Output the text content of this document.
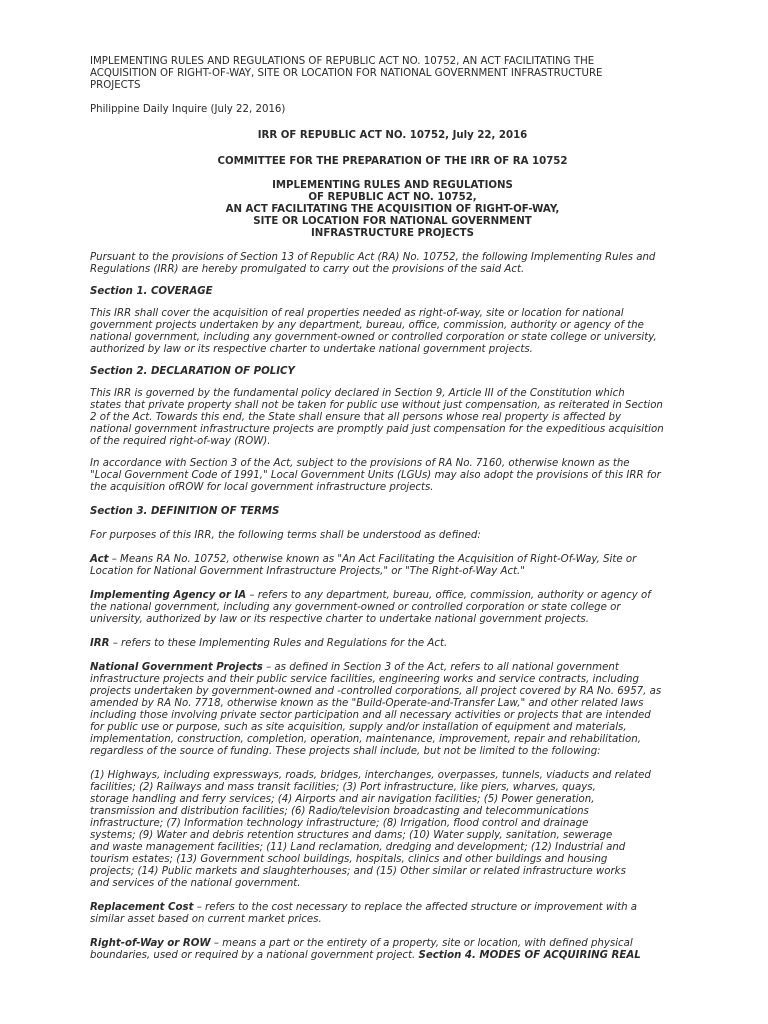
IMPLEMENTING RULES AND REGULATIONS OF REPUBLIC ACT NO. 10752, AN ACT FACILITATING THE
ACQUISITION OF RIGHT-OF-WAY, SITE OR LOCATION FOR NATIONAL GOVERNMENT INFRASTRUCTURE
PROJECTS

Philippine Daily Inquire (July 22, 2016)

IRR OF REPUBLIC ACT NO. 10752, July 22, 2016

COMMITTEE FOR THE PREPARATION OF THE IRR OF RA 10752

IMPLEMENTING RULES AND REGULATIONS
OF REPUBLIC ACT NO. 10752,
AN ACT FACILITATING THE ACQUISITION OF RIGHT-OF-WAY,
SITE OR LOCATION FOR NATIONAL GOVERNMENT
INFRASTRUCTURE PROJECTS

Pursuant to the provisions of Section 13 of Republic Act (RA) No. 10752, the following Implementing Rules and
Regulations (IRR) are hereby promulgated to carry out the provisions of the said Act.

Section 1. COVERAGE

This IRR shall cover the acquisition of real properties needed as right-of-way, site or location for national
government projects undertaken by any department, bureau, office, commission, authority or agency of the
national government, including any government-owned or controlled corporation or state college or university,
authorized by law or its respective charter to undertake national government projects.

Section 2. DECLARATION OF POLICY

This IRR is governed by the fundamental policy declared in Section 9, Article III of the Constitution which
states that private property shall not be taken for public use without just compensation, as reiterated in Section
2 of the Act. Towards this end, the State shall ensure that all persons whose real property is affected by
national government infrastructure projects are promptly paid just compensation for the expeditious acquisition
of the required right-of-way (ROW).

In accordance with Section 3 of the Act, subject to the provisions of RA No. 7160, otherwise known as the
"Local Government Code of 1991," Local Government Units (LGUs) may also adopt the provisions of this IRR for
the acquisition ofROW for local government infrastructure projects.

Section 3. DEFINITION OF TERMS

For purposes of this IRR, the following terms shall be understood as defined:

Act – Means RA No. 10752, otherwise known as "An Act Facilitating the Acquisition of Right-Of-Way, Site or
Location for National Government Infrastructure Projects," or "The Right-of-Way Act."

Implementing Agency or IA – refers to any department, bureau, office, commission, authority or agency of
the national government, including any government-owned or controlled corporation or state college or
university, authorized by law or its respective charter to undertake national government projects.

IRR – refers to these Implementing Rules and Regulations for the Act.

National Government Projects – as defined in Section 3 of the Act, refers to all national government
infrastructure projects and their public service facilities, engineering works and service contracts, including
projects undertaken by government-owned and -controlled corporations, all project covered by RA No. 6957, as
amended by RA No. 7718, otherwise known as the "Build-Operate-and-Transfer Law," and other related laws
including those involving private sector participation and all necessary activities or projects that are intended
for public use or purpose, such as site acquisition, supply and/or installation of equipment and materials,
implementation, construction, completion, operation, maintenance, improvement, repair and rehabilitation,
regardless of the source of funding. These projects shall include, but not be limited to the following:

(1) Highways, including expressways, roads, bridges, interchanges, overpasses, tunnels, viaducts and related
facilities; (2) Railways and mass transit facilities; (3) Port infrastructure, like piers, wharves, quays,
storage handling and ferry services; (4) Airports and air navigation facilities; (5) Power generation,
transmission and distribution facilities; (6) Radio/television broadcasting and telecommunications
infrastructure; (7) Information technology infrastructure; (8) Irrigation, flood control and drainage
systems; (9) Water and debris retention structures and dams; (10) Water supply, sanitation, sewerage
and waste management facilities; (11) Land reclamation, dredging and development; (12) Industrial and
tourism estates; (13) Government school buildings, hospitals, clinics and other buildings and housing
projects; (14) Public markets and slaughterhouses; and (15) Other similar or related infrastructure works
and services of the national government.

Replacement Cost – refers to the cost necessary to replace the affected structure or improvement with a
similar asset based on current market prices.

Right-of-Way or ROW – means a part or the entirety of a property, site or location, with defined physical
boundaries, used or required by a national government project. Section 4. MODES OF ACQUIRING REAL
